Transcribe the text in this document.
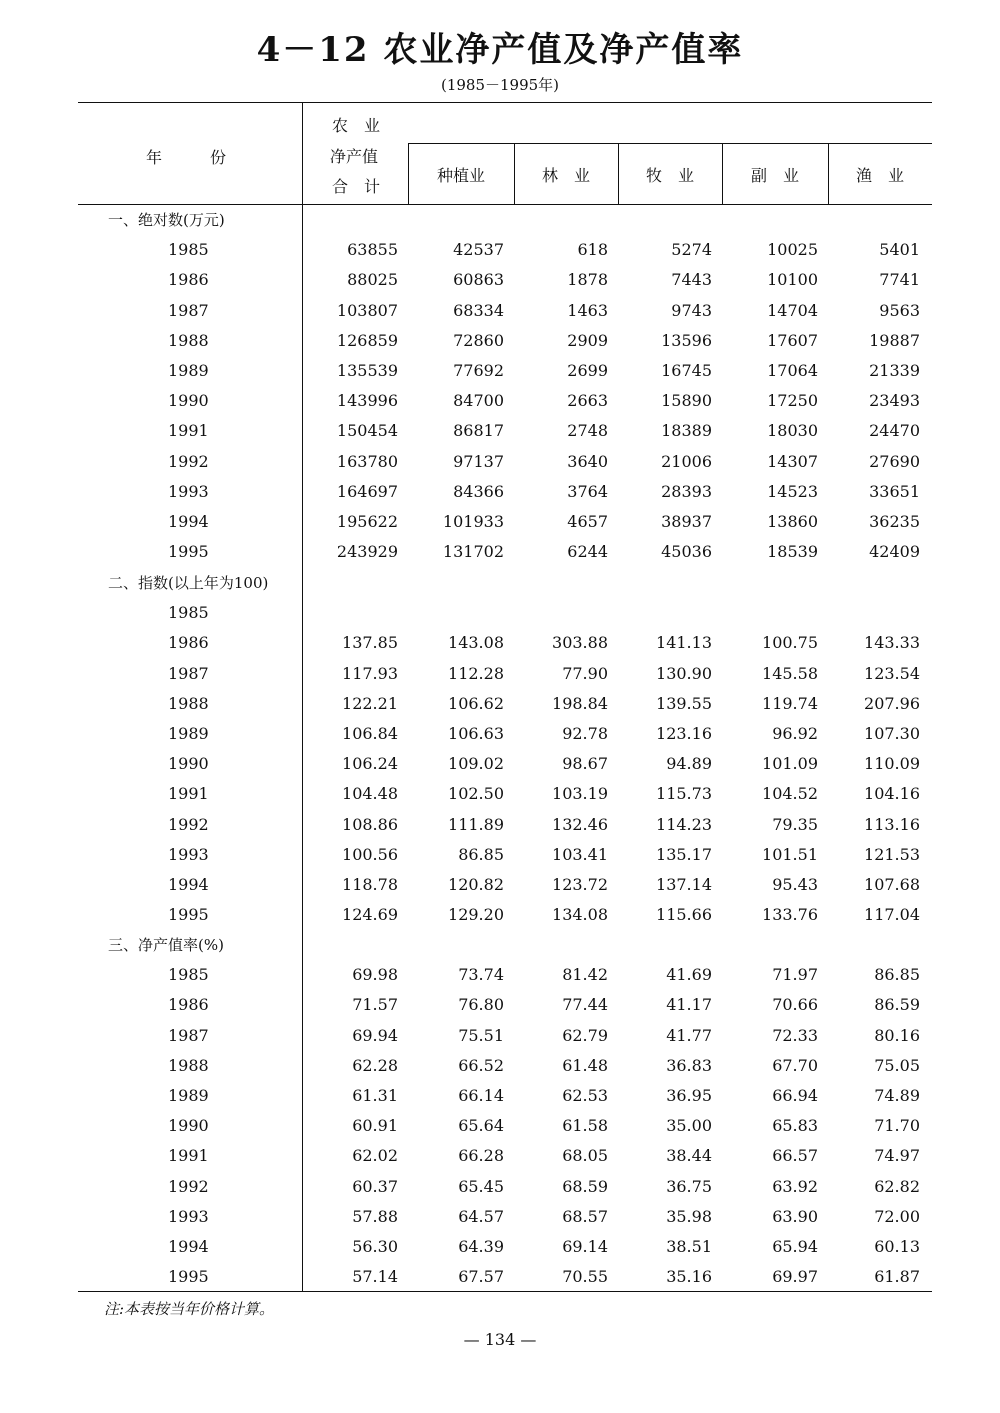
4－12 农业净产值及净产值率
(1985－1995年)
年　　　份
农　业
净产值
合　计
种植业	林　业	牧　业	副　业	渔　业
一、绝对数(万元)
1985	63855	42537	618	5274	10025	5401
1986	88025	60863	1878	7443	10100	7741
1987	103807	68334	1463	9743	14704	9563
1988	126859	72860	2909	13596	17607	19887
1989	135539	77692	2699	16745	17064	21339
1990	143996	84700	2663	15890	17250	23493
1991	150454	86817	2748	18389	18030	24470
1992	163780	97137	3640	21006	14307	27690
1993	164697	84366	3764	28393	14523	33651
1994	195622	101933	4657	38937	13860	36235
1995	243929	131702	6244	45036	18539	42409
二、指数(以上年为100)
1985
1986	137.85	143.08	303.88	141.13	100.75	143.33
1987	117.93	112.28	77.90	130.90	145.58	123.54
1988	122.21	106.62	198.84	139.55	119.74	207.96
1989	106.84	106.63	92.78	123.16	96.92	107.30
1990	106.24	109.02	98.67	94.89	101.09	110.09
1991	104.48	102.50	103.19	115.73	104.52	104.16
1992	108.86	111.89	132.46	114.23	79.35	113.16
1993	100.56	86.85	103.41	135.17	101.51	121.53
1994	118.78	120.82	123.72	137.14	95.43	107.68
1995	124.69	129.20	134.08	115.66	133.76	117.04
三、净产值率(%)
1985	69.98	73.74	81.42	41.69	71.97	86.85
1986	71.57	76.80	77.44	41.17	70.66	86.59
1987	69.94	75.51	62.79	41.77	72.33	80.16
1988	62.28	66.52	61.48	36.83	67.70	75.05
1989	61.31	66.14	62.53	36.95	66.94	74.89
1990	60.91	65.64	61.58	35.00	65.83	71.70
1991	62.02	66.28	68.05	38.44	66.57	74.97
1992	60.37	65.45	68.59	36.75	63.92	62.82
1993	57.88	64.57	68.57	35.98	63.90	72.00
1994	56.30	64.39	69.14	38.51	65.94	60.13
1995	57.14	67.57	70.55	35.16	69.97	61.87
注:本表按当年价格计算。
— 134 —
